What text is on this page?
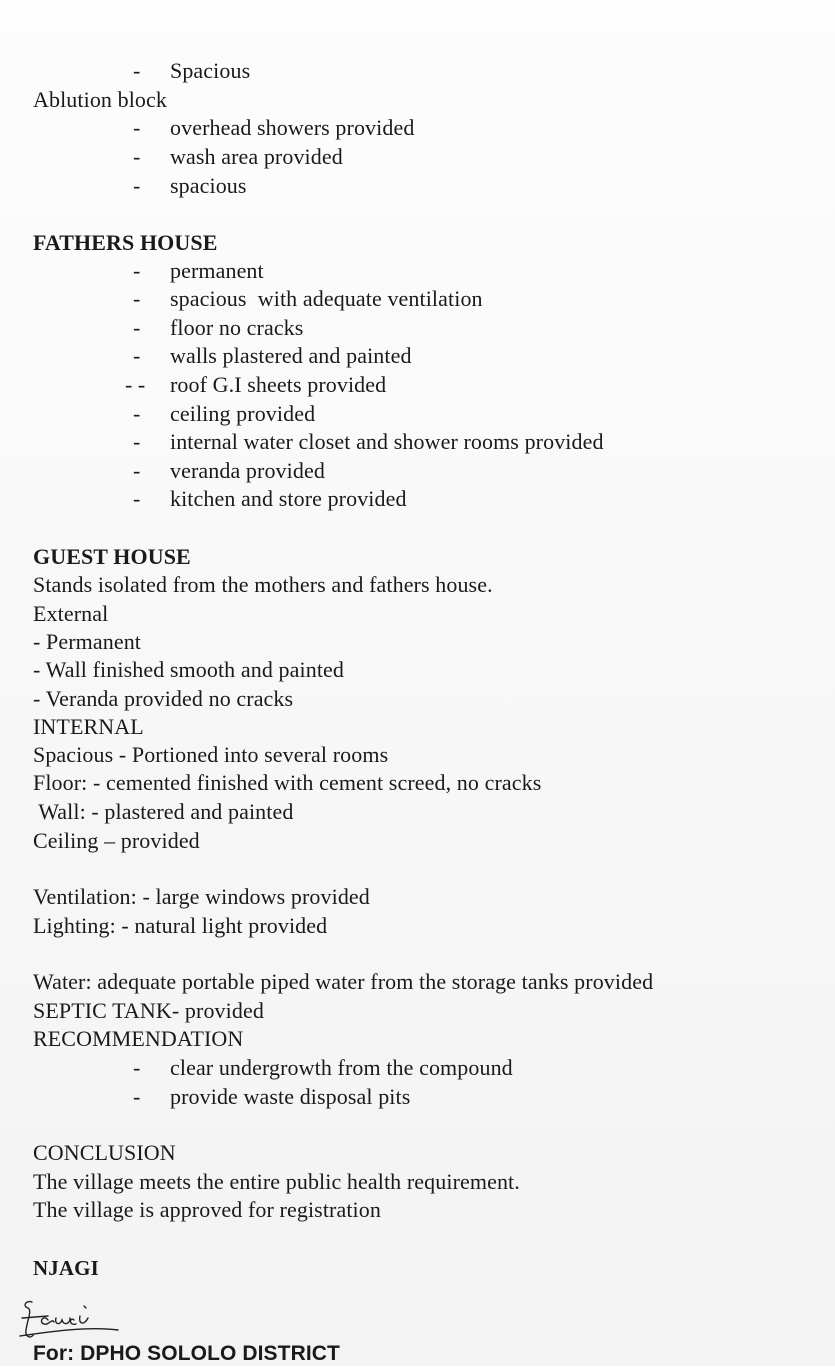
- Spacious
Ablution block
- overhead showers provided
- wash area provided
- spacious
FATHERS HOUSE
- permanent
- spacious  with adequate ventilation
- floor no cracks
- walls plastered and painted
- - roof G.I sheets provided
- ceiling provided
- internal water closet and shower rooms provided
- veranda provided
- kitchen and store provided
GUEST HOUSE
Stands isolated from the mothers and fathers house.
External
- Permanent
- Wall finished smooth and painted
- Veranda provided no cracks
INTERNAL
Spacious - Portioned into several rooms
Floor: - cemented finished with cement screed, no cracks
Wall: - plastered and painted
Ceiling – provided
Ventilation: - large windows provided
Lighting: - natural light provided
Water: adequate portable piped water from the storage tanks provided
SEPTIC TANK- provided
RECOMMENDATION
- clear undergrowth from the compound
- provide waste disposal pits
CONCLUSION
The village meets the entire public health requirement.
The village is approved for registration
NJAGI
For: DPHO SOLOLO DISTRICT
